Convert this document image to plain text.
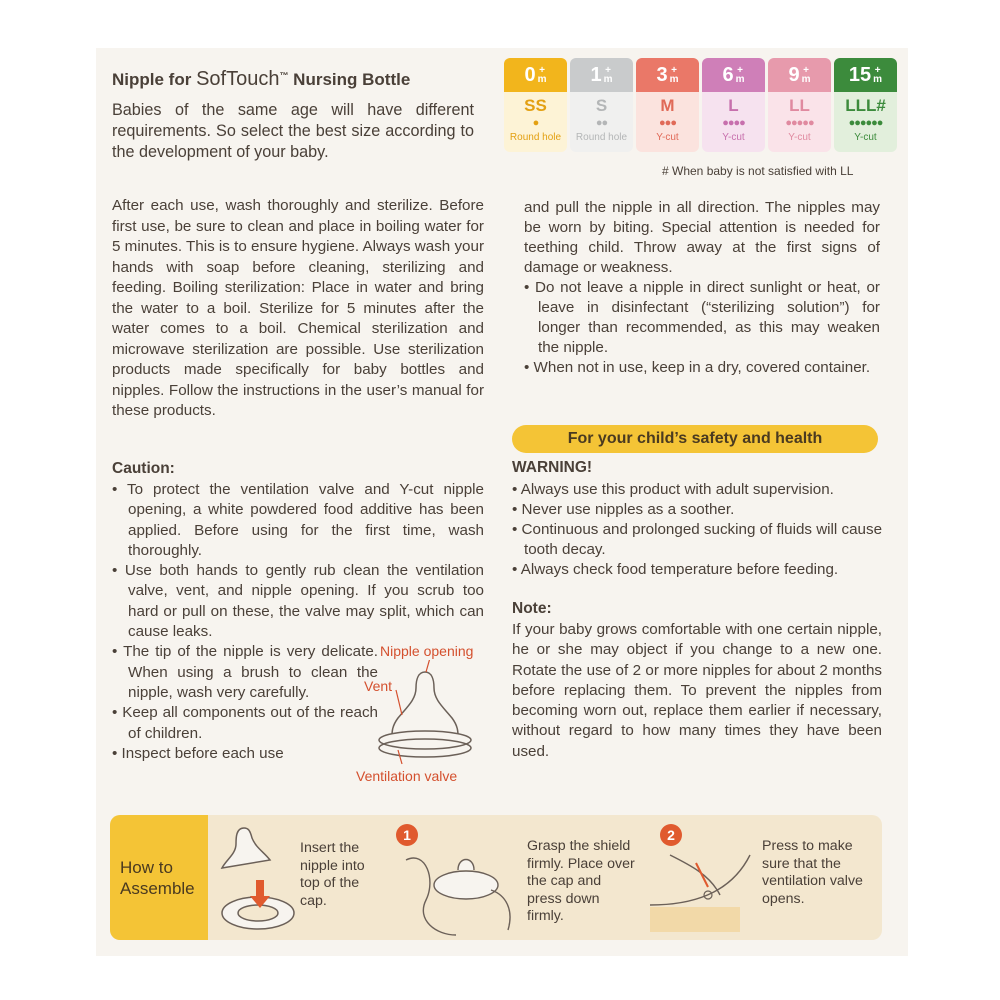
Nipple for SofTouch™ Nursing Bottle
Babies of the same age will have different requirements. So select the best size according to the development of your baby.
0 +
m
SS
●
Round hole
1 +
m
S
●●
Round hole
3 +
m
M
●●●
Y-cut
6 +
m
L
●●●●
Y-cut
9 +
m
LL
●●●●●
Y-cut
15 +
m
LLL#
●●●●●●
Y-cut
# When baby is not satisfied with LL
After each use, wash thoroughly and sterilize. Before first use, be sure to clean and place in boiling water for 5 minutes. This is to ensure hygiene. Always wash your hands with soap before cleaning, sterilizing and feeding. Boiling sterilization: Place in water and bring the water to a boil. Sterilize for 5 minutes after the water comes to a boil. Chemical sterilization and microwave sterilization are possible. Use sterilization products made specifically for baby bottles and nipples. Follow the instructions in the user’s manual for these products.
and pull the nipple in all direction. The nipples may be worn by biting. Special attention is needed for teething child. Throw away at the first signs of damage or weakness.
• Do not leave a nipple in direct sunlight or heat, or leave in disinfectant (“sterilizing solution”) for longer than recommended, as this may weaken the nipple.
• When not in use, keep in a dry, covered container.
Caution:
• To protect the ventilation valve and Y-cut nipple opening, a white powdered food additive has been applied. Before using for the first time, wash thoroughly.
• Use both hands to gently rub clean the ventilation valve, vent, and nipple opening. If you scrub too hard or pull on these, the valve may split, which can cause leaks.
• The tip of the nipple is very delicate. When using a brush to clean the nipple, wash very carefully.
• Keep all components out of the reach of children.
• Inspect before each use
Nipple opening
Vent
Ventilation valve
For your child’s safety and health
WARNING!
• Always use this product with adult supervision.
• Never use nipples as a soother.
• Continuous and prolonged sucking of fluids will cause tooth decay.
• Always check food temperature before feeding.
Note:
If your baby grows comfortable with one certain nipple, he or she may object if you change to a new one. Rotate the use of 2 or more nipples for about 2 months before replacing them. To prevent the nipples from becoming worn out, replace them earlier if necessary, without regard to how many times they have been used.
How to Assemble
Insert the nipple into top of the cap.
1
Grasp the shield firmly. Place over the cap and press down firmly.
2
Press to make sure that the ventilation valve opens.
